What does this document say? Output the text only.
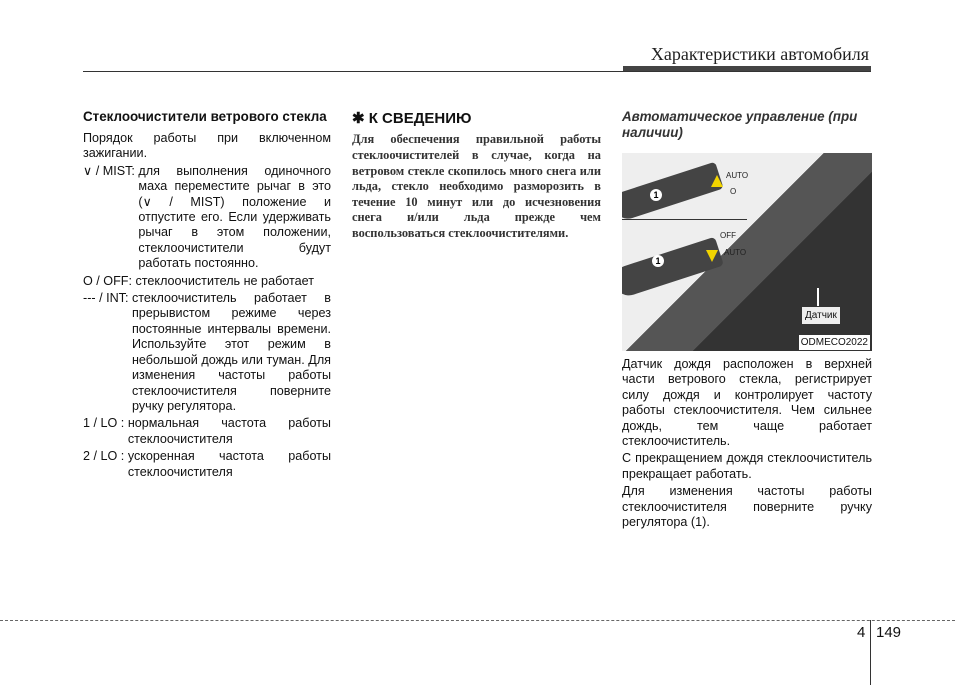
Характеристики автомобиля
Стеклоочистители ветрового стекла

Порядок работы при включенном зажигании.

∨ / MIST: для выполнения одиночного маха переместите рычаг в это (∨ / MIST) положение и отпустите его. Если удерживать рычаг в этом положении, стеклоочистители будут работать постоянно.
O / OFF: стеклоочиститель не работает
--- / INT: стеклоочиститель работает в прерывистом режиме через постоянные интервалы времени. Используйте этот режим в небольшой дождь или туман. Для изменения частоты работы стеклоочистителя поверните ручку регулятора.
1 / LO : нормальная частота работы стеклоочистителя
2 / LO : ускоренная частота работы стеклоочистителя
✱ К СВЕДЕНИЮ
Для обеспечения правильной работы стеклоочистителей в случае, когда на ветровом стекле скопилось много снега или льда, стекло необходимо разморозить в течение 10 минут или до исчезновения снега и/или льда прежде чем воспользоваться стеклоочистителями.
Автоматическое управление (при наличии)
1
1
AUTO
O
OFF
AUTO
Датчик
ODMECO2022

Датчик дождя расположен в верхней части ветрового стекла, регистрирует силу дождя и контролирует частоту работы стеклоочистителя. Чем сильнее дождь, тем чаще работает стеклоочиститель.

С прекращением дождя стеклоочиститель прекращает работать.

Для изменения частоты работы стеклоочистителя поверните ручку регулятора (1).

4 149
